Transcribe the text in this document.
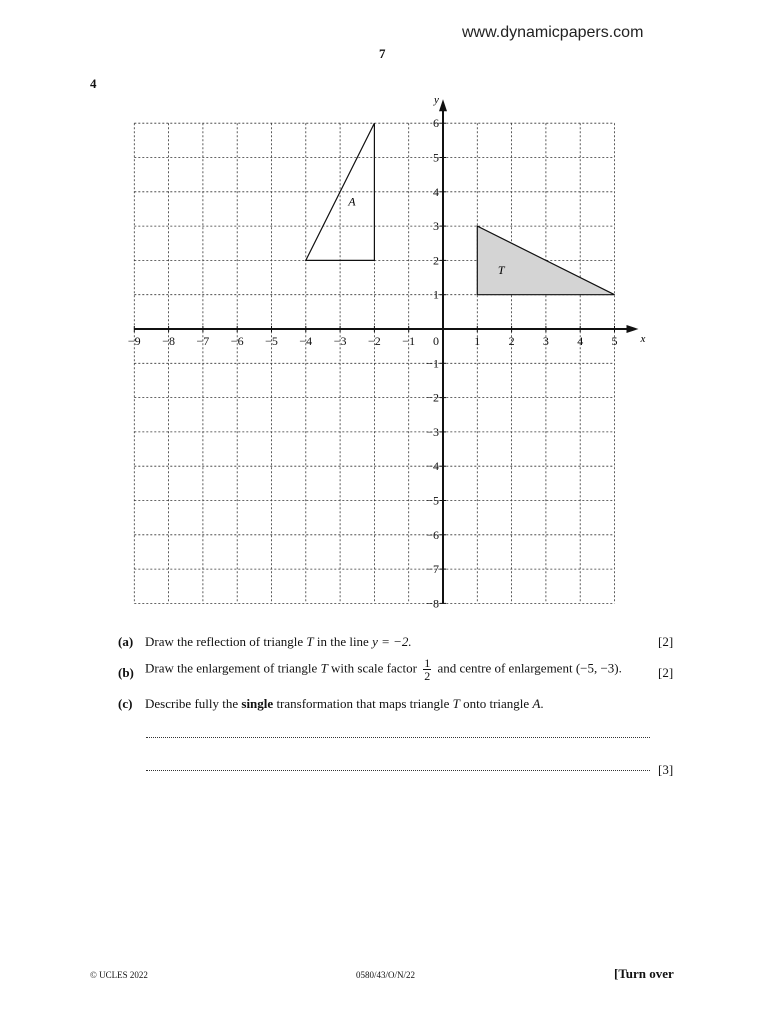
www.dynamicpapers.com
7
4
A
T
x
y
−9 −8 −7 −6 −5 −4 −3 −2 −1	1 2 3 4 5
6
5
4
3
2
1
−1
−2
−3
−4
−5
−6
−7
−8
0
(a) Draw the reflection of triangle T in the line y = −2.	[2]
(b) Draw the enlargement of triangle T with scale factor $\frac{1}{2}$ and centre of enlargement (−5, −3).	[2]
(c) Describe fully the single transformation that maps triangle T onto triangle A.
[3]
© UCLES 2022	0580/43/O/N/22	[Turn over
